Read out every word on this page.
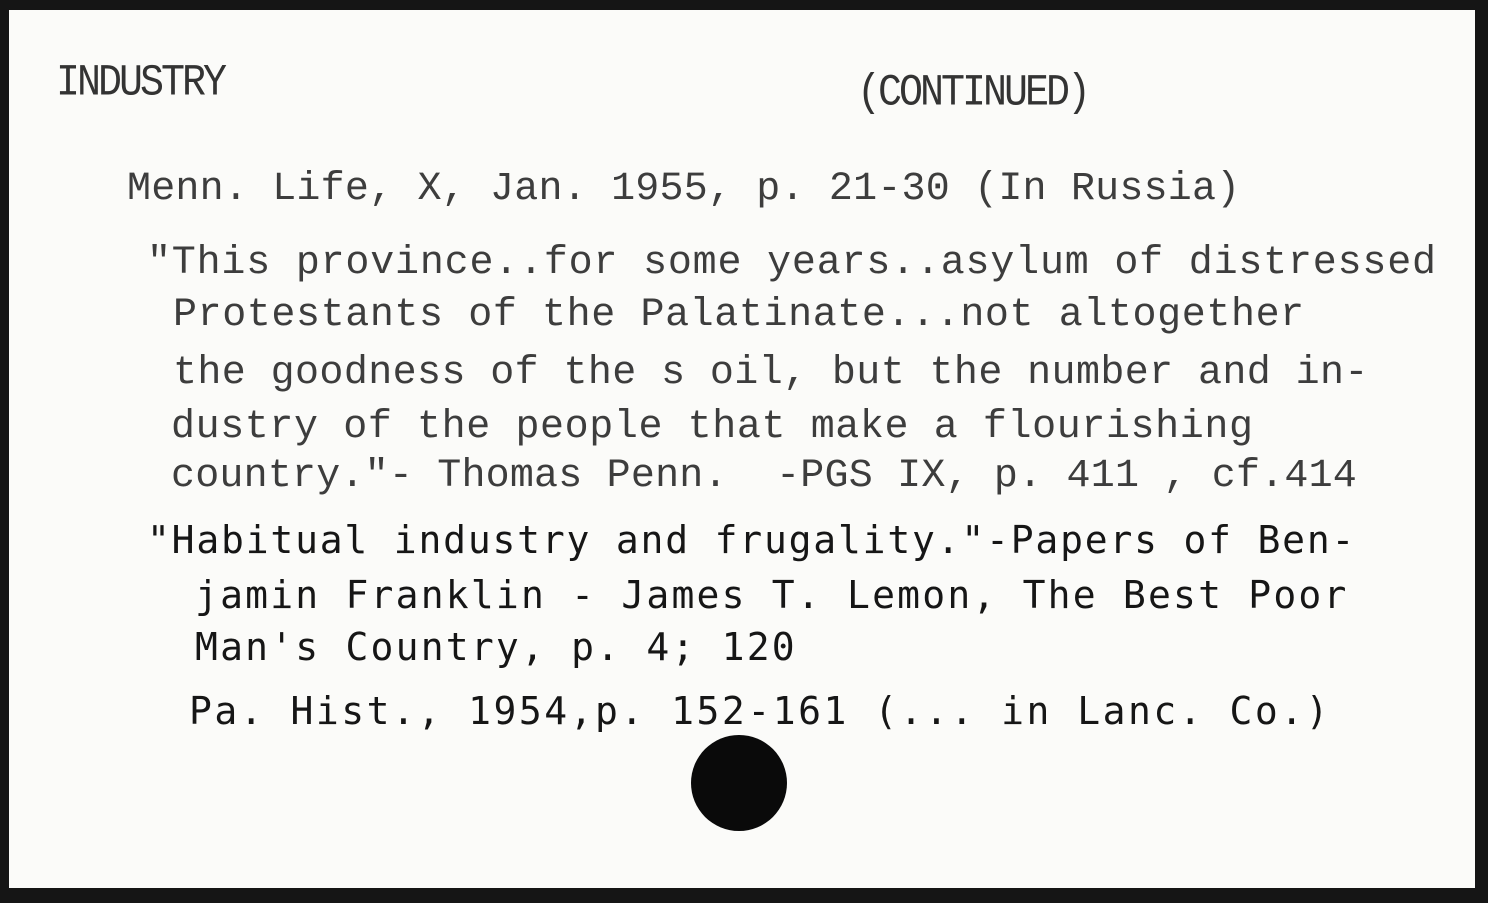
INDUSTRY	(CONTINUED)
Menn. Life, X, Jan. 1955, p. 21-30 (In Russia)
"This province..for some years..asylum of distressed
Protestants of the Palatinate...not altogether
the goodness of the s oil, but the number and in-
dustry of the people that make a flourishing
country."- Thomas Penn.  -PGS IX, p. 411 , cf.414
"Habitual industry and frugality."-Papers of Ben-
jamin Franklin - James T. Lemon, The Best Poor
Man's Country, p. 4; 120
Pa. Hist., 1954,p. 152-161 (... in Lanc. Co.)
